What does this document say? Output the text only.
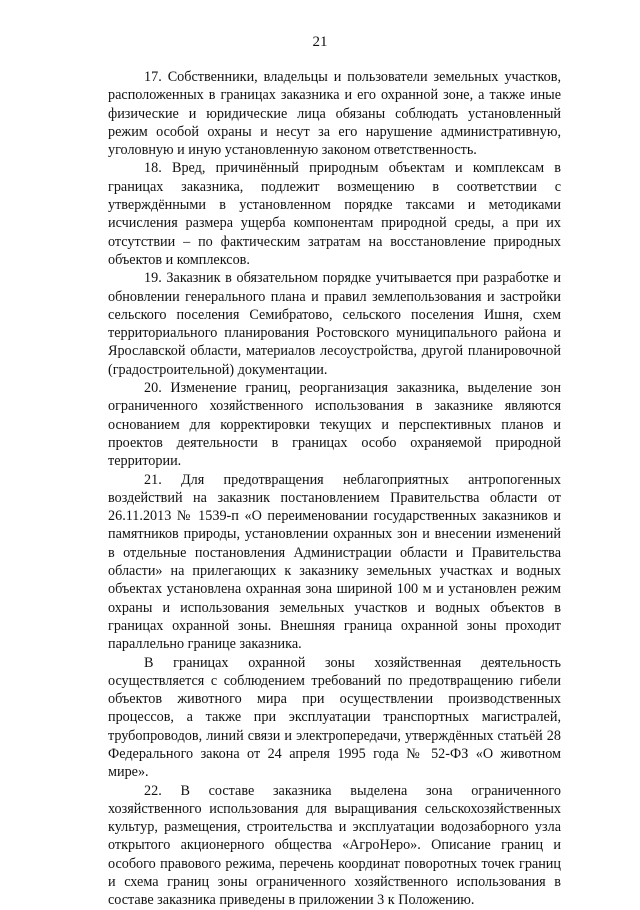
21

17. Собственники, владельцы и пользователи земельных участков, расположенных в границах заказника и его охранной зоне, а также иные физические и юридические лица обязаны соблюдать установленный режим особой охраны и несут за его нарушение административную, уголовную и иную установленную законом ответственность.

18. Вред, причинённый природным объектам и комплексам в границах заказника, подлежит возмещению в соответствии с утверждёнными в установленном порядке таксами и методиками исчисления размера ущерба компонентам природной среды, а при их отсутствии – по фактическим затратам на восстановление природных объектов и комплексов.

19. Заказник в обязательном порядке учитывается при разработке и обновлении генерального плана и правил землепользования и застройки сельского поселения Семибратово, сельского поселения Ишня, схем территориального планирования Ростовского муниципального района и Ярославской области, материалов лесоустройства, другой планировочной (градостроительной) документации.

20. Изменение границ, реорганизация заказника, выделение зон ограниченного хозяйственного использования в заказнике являются основанием для корректировки текущих и перспективных планов и проектов деятельности в границах особо охраняемой природной территории.

21. Для предотвращения неблагоприятных антропогенных воздействий на заказник постановлением Правительства области от 26.11.2013 № 1539-п «О переименовании государственных заказников и памятников природы, установлении охранных зон и внесении изменений в отдельные постановления Администрации области и Правительства области» на прилегающих к заказнику земельных участках и водных объектах установлена охранная зона шириной 100 м и установлен режим охраны и использования земельных участков и водных объектов в границах охранной зоны. Внешняя граница охранной зоны проходит параллельно границе заказника.

В границах охранной зоны хозяйственная деятельность осуществляется с соблюдением требований по предотвращению гибели объектов животного мира при осуществлении производственных процессов, а также при эксплуатации транспортных магистралей, трубопроводов, линий связи и электропередачи, утверждённых статьёй 28 Федерального закона от 24 апреля 1995 года № 52-ФЗ «О животном мире».

22. В составе заказника выделена зона ограниченного хозяйственного использования для выращивания сельскохозяйственных культур, размещения, строительства и эксплуатации водозаборного узла открытого акционерного общества «АгроНеро». Описание границ и особого правового режима, перечень координат поворотных точек границ и схема границ зоны ограниченного хозяйственного использования в составе заказника приведены в приложении 3 к Положению.
